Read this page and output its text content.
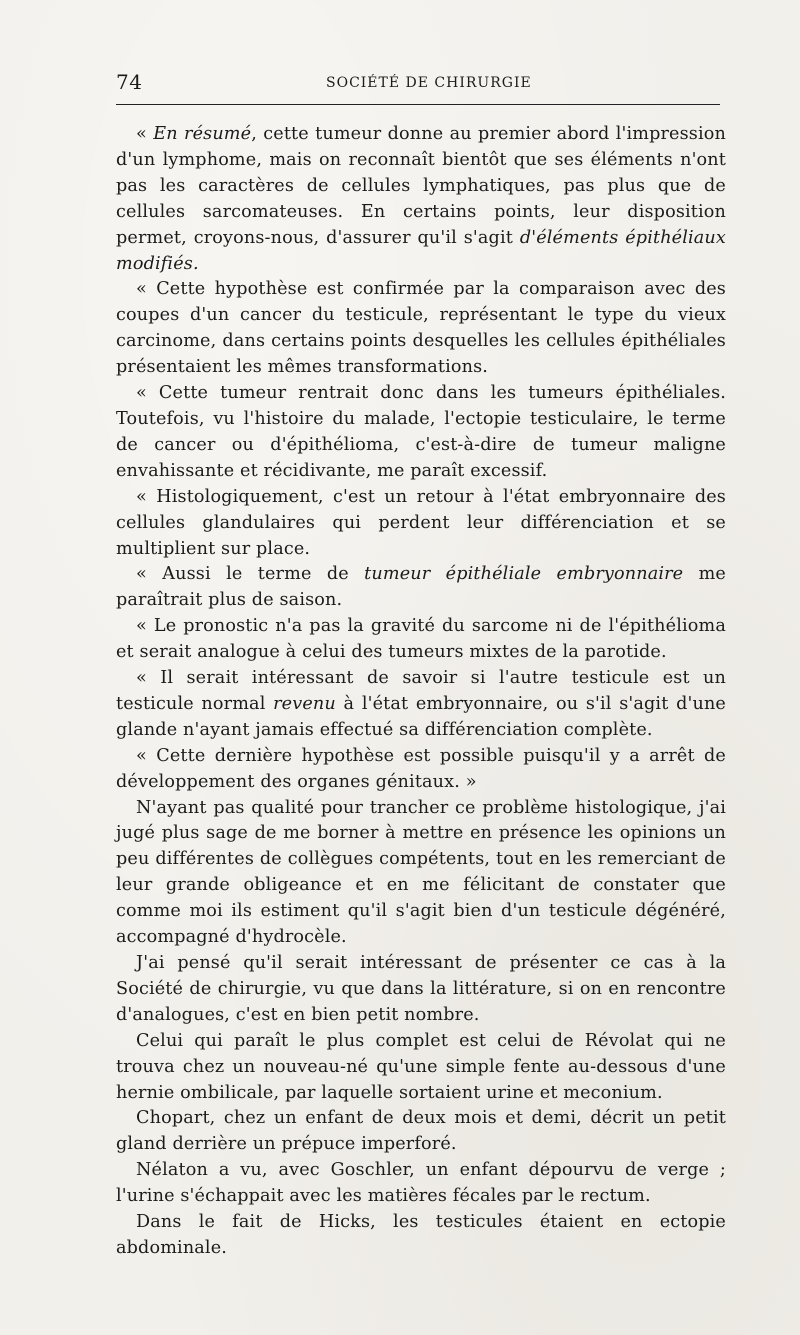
74	SOCIÉTÉ DE CHIRURGIE

« En résumé, cette tumeur donne au premier abord l'impression d'un lymphome, mais on reconnaît bientôt que ses éléments n'ont pas les caractères de cellules lymphatiques, pas plus que de cellules sarcomateuses. En certains points, leur disposition permet, croyons-nous, d'assurer qu'il s'agit d'éléments épithéliaux modifiés.

« Cette hypothèse est confirmée par la comparaison avec des coupes d'un cancer du testicule, représentant le type du vieux carcinome, dans certains points desquelles les cellules épithéliales présentaient les mêmes transformations.

« Cette tumeur rentrait donc dans les tumeurs épithéliales. Toutefois, vu l'histoire du malade, l'ectopie testiculaire, le terme de cancer ou d'épithélioma, c'est-à-dire de tumeur maligne envahissante et récidivante, me paraît excessif.

« Histologiquement, c'est un retour à l'état embryonnaire des cellules glandulaires qui perdent leur différenciation et se multiplient sur place.

« Aussi le terme de tumeur épithéliale embryonnaire me paraîtrait plus de saison.

« Le pronostic n'a pas la gravité du sarcome ni de l'épithélioma et serait analogue à celui des tumeurs mixtes de la parotide.

« Il serait intéressant de savoir si l'autre testicule est un testicule normal revenu à l'état embryonnaire, ou s'il s'agit d'une glande n'ayant jamais effectué sa différenciation complète.

« Cette dernière hypothèse est possible puisqu'il y a arrêt de développement des organes génitaux. »

N'ayant pas qualité pour trancher ce problème histologique, j'ai jugé plus sage de me borner à mettre en présence les opinions un peu différentes de collègues compétents, tout en les remerciant de leur grande obligeance et en me félicitant de constater que comme moi ils estiment qu'il s'agit bien d'un testicule dégénéré, accompagné d'hydrocèle.

J'ai pensé qu'il serait intéressant de présenter ce cas à la Société de chirurgie, vu que dans la littérature, si on en rencontre d'analogues, c'est en bien petit nombre.

Celui qui paraît le plus complet est celui de Révolat qui ne trouva chez un nouveau-né qu'une simple fente au-dessous d'une hernie ombilicale, par laquelle sortaient urine et meconium.

Chopart, chez un enfant de deux mois et demi, décrit un petit gland derrière un prépuce imperforé.

Nélaton a vu, avec Goschler, un enfant dépourvu de verge ; l'urine s'échappait avec les matières fécales par le rectum.

Dans le fait de Hicks, les testicules étaient en ectopie abdominale.
